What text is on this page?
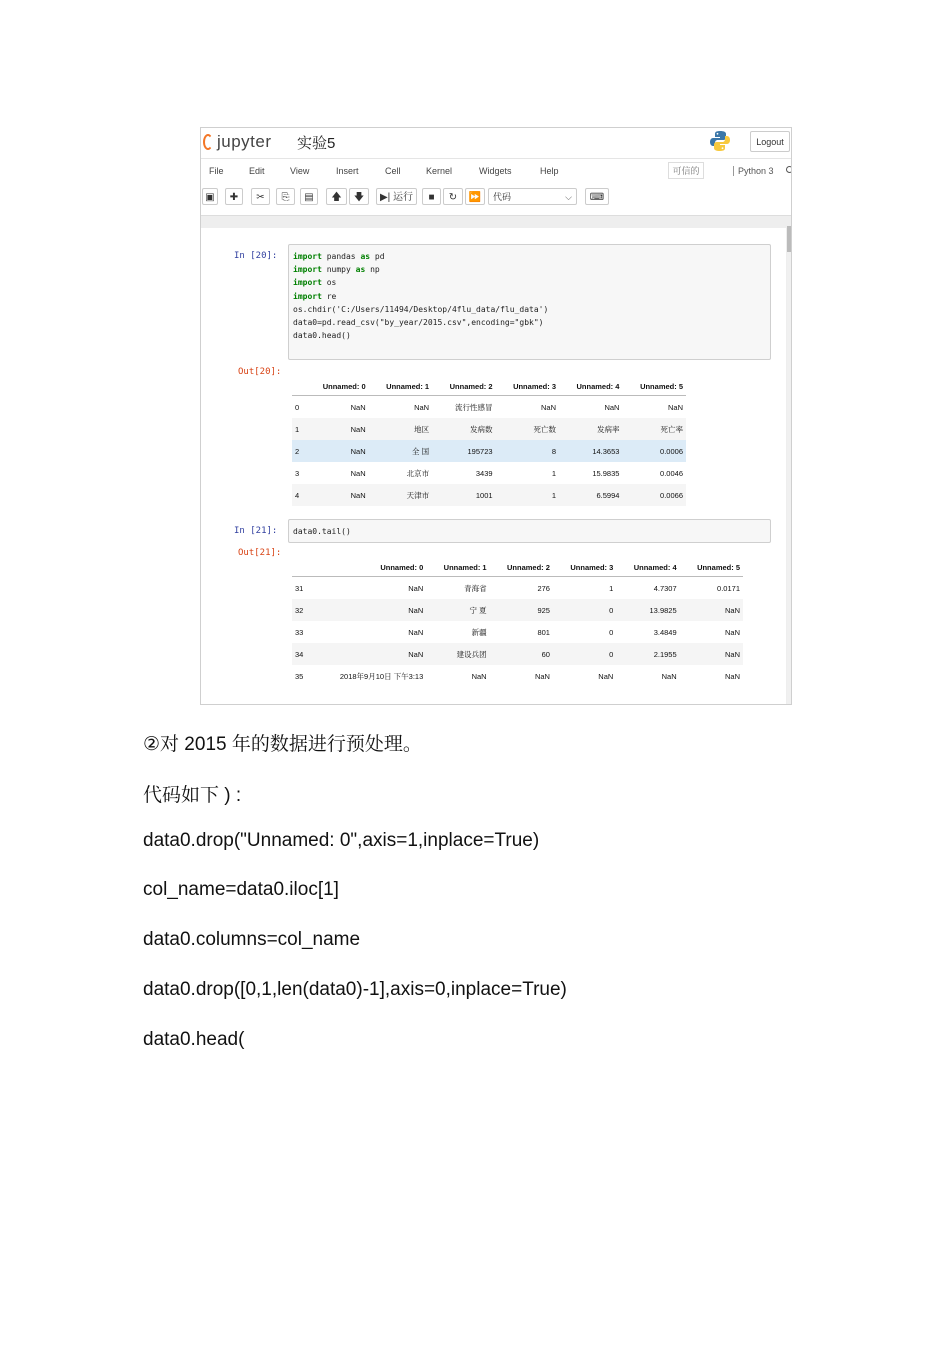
jupyter 实验5	Logout
File	Edit	View	Insert	Cell	Kernel	Widgets	Help	可信的	Python 3
▣	✚	✂	⎘	▤	🡅	🡇	▶| 运行	■	↻	⏩	代码	⌵	⌨
In [20]:	import pandas as pd
import numpy as np
import os
import re
os.chdir('C:/Users/11494/Desktop/4flu_data/flu_data')
data0=pd.read_csv("by_year/2015.csv",encoding="gbk")
data0.head()
Out[20]:
	Unnamed: 0	Unnamed: 1	Unnamed: 2	Unnamed: 3	Unnamed: 4	Unnamed: 5
0	NaN	NaN	流行性感冒	NaN	NaN	NaN
1	NaN	地区	发病数	死亡数	发病率	死亡率
2	NaN	全 国	195723	8	14.3653	0.0006
3	NaN	北京市	3439	1	15.9835	0.0046
4	NaN	天津市	1001	1	6.5994	0.0066
In [21]:	data0.tail()
Out[21]:
	Unnamed: 0	Unnamed: 1	Unnamed: 2	Unnamed: 3	Unnamed: 4	Unnamed: 5
31	NaN	青海省	276	1	4.7307	0.0171
32	NaN	宁 夏	925	0	13.9825	NaN
33	NaN	新疆	801	0	3.4849	NaN
34	NaN	建设兵团	60	0	2.1955	NaN
35	2018年9月10日 下午3:13	NaN	NaN	NaN	NaN	NaN
②对 2015 年的数据进行预处理。
代码如下 ) :
data0.drop("Unnamed: 0",axis=1,inplace=True)
col_name=data0.iloc[1]
data0.columns=col_name
data0.drop([0,1,len(data0)-1],axis=0,inplace=True)
data0.head(
